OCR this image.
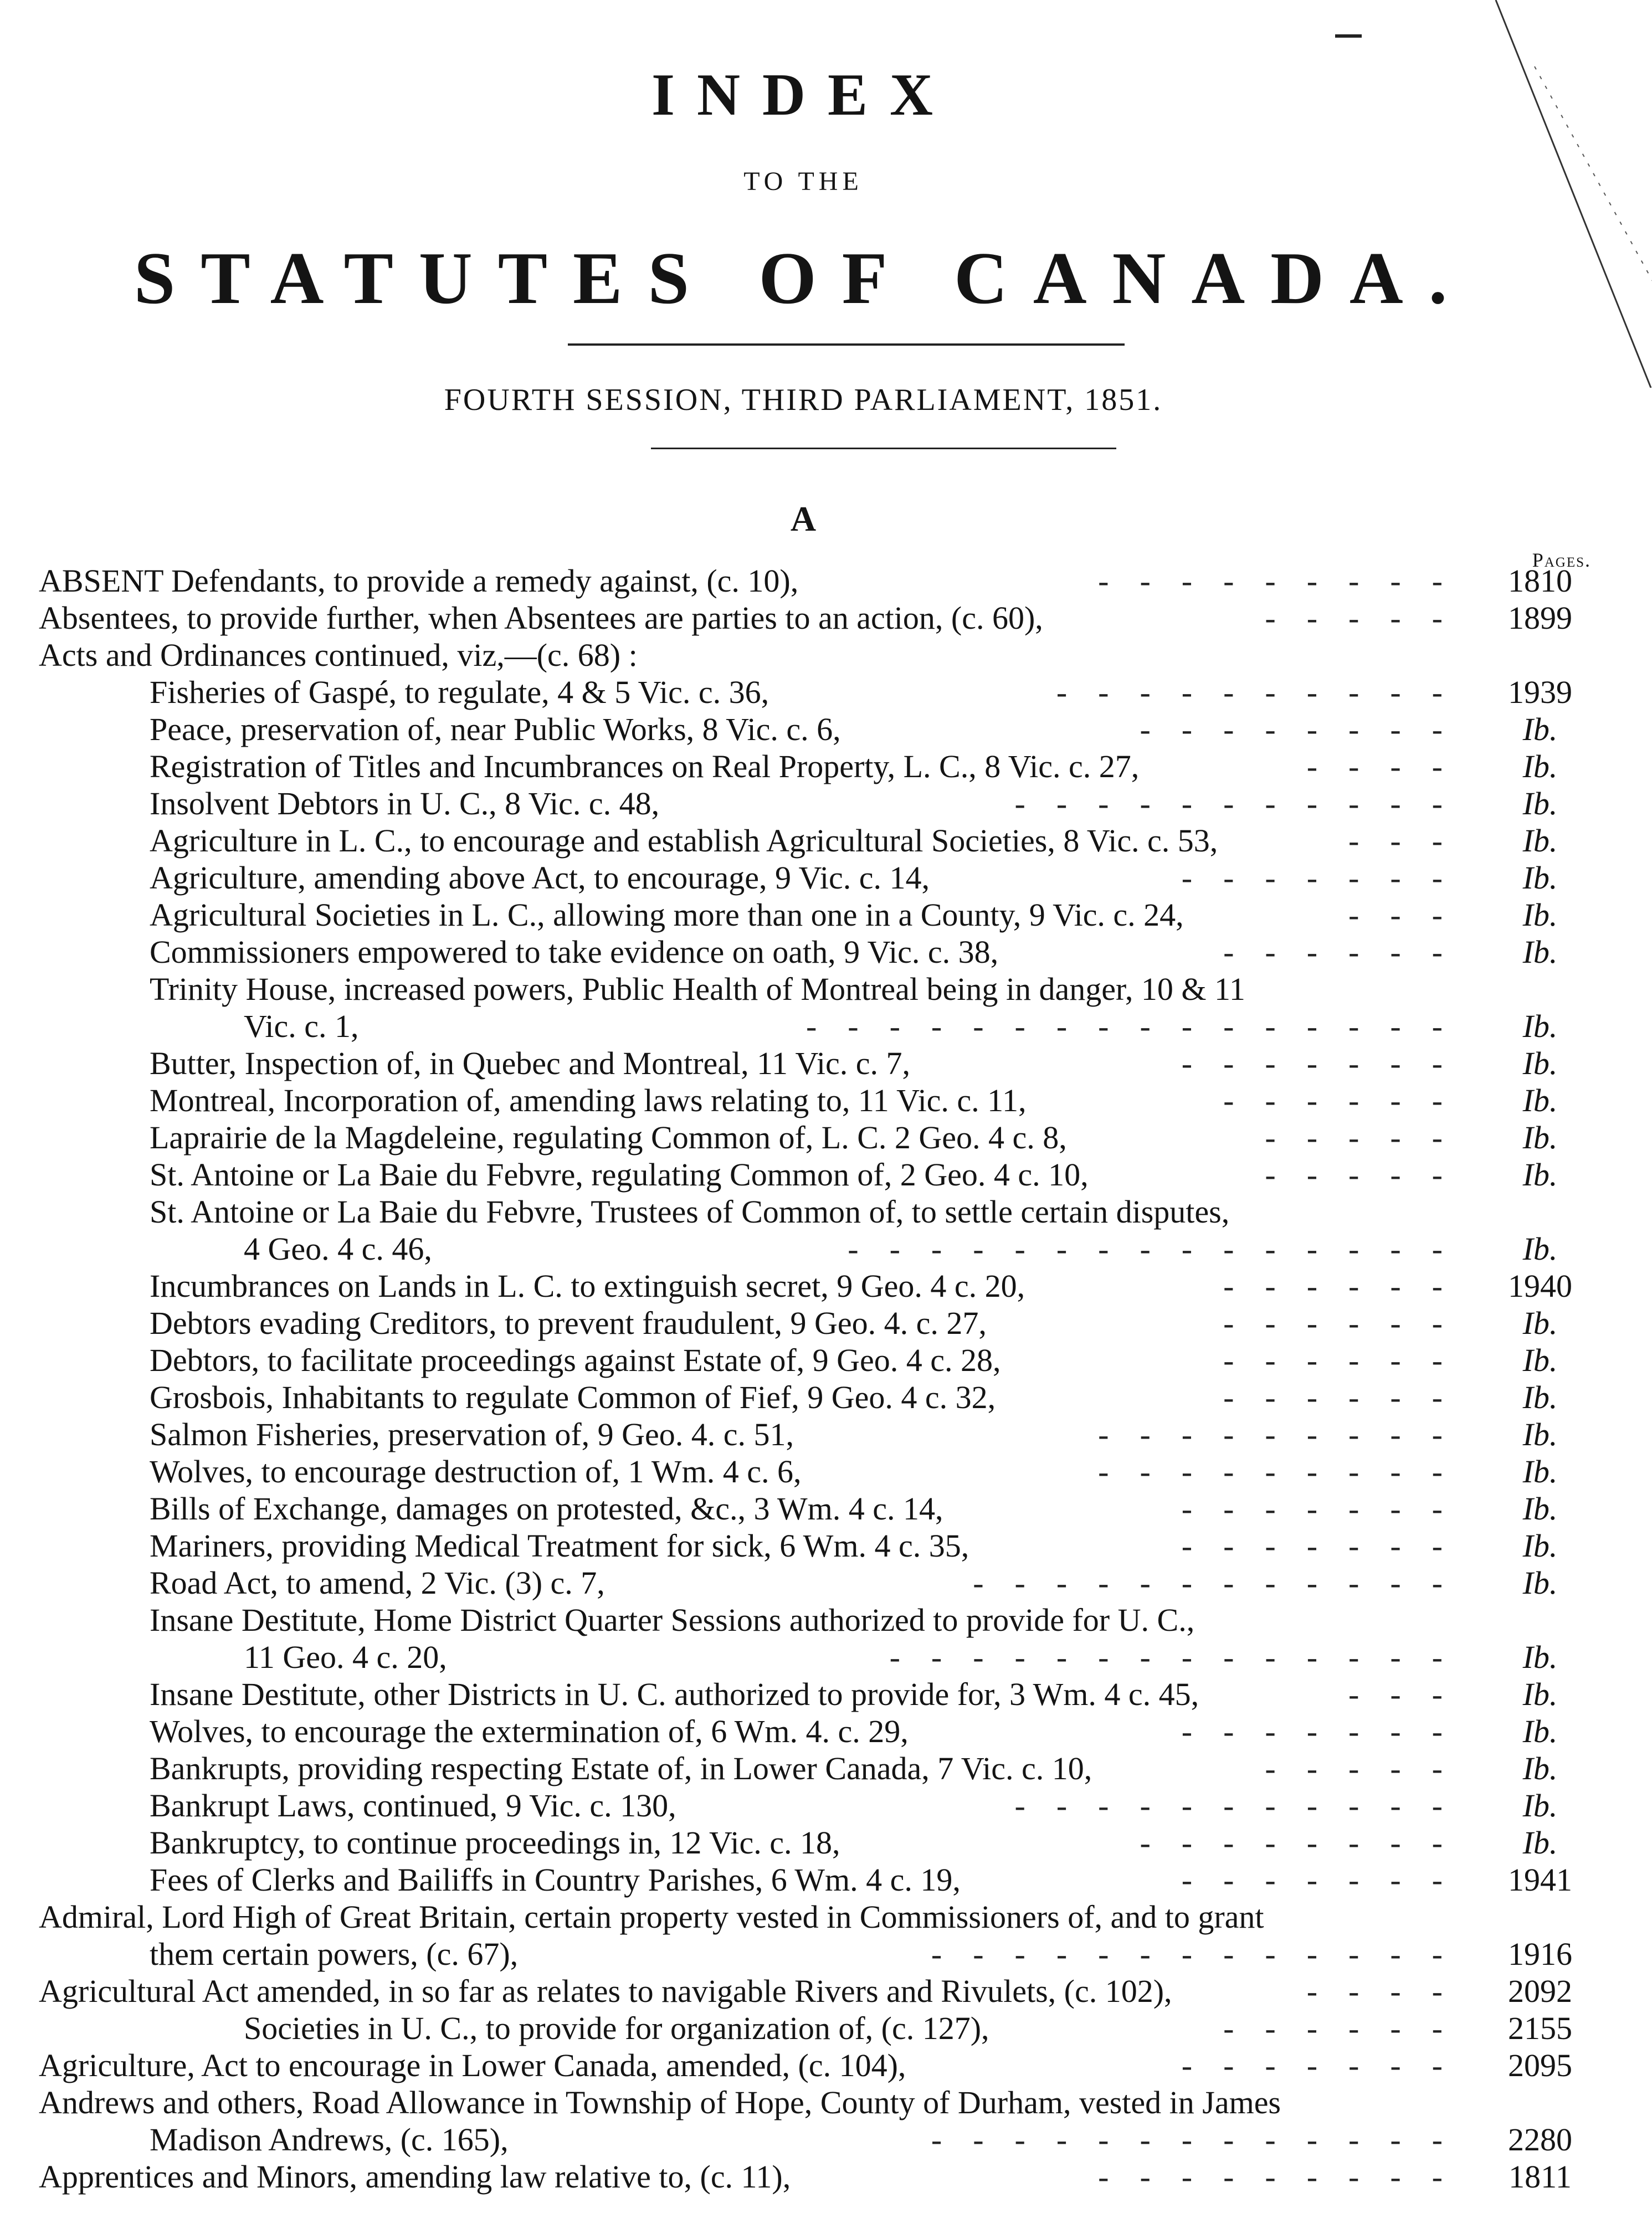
INDEX
TO THE
STATUTES OF CANADA.
FOURTH SESSION, THIRD PARLIAMENT, 1851.
A
Pages.
ABSENT Defendants, to provide a remedy against, (c. 10),	---------	1810
Absentees, to provide further, when Absentees are parties to an action, (c. 60),	-----	1899
Acts and Ordinances continued, viz,—(c. 68) :
Fisheries of Gaspé, to regulate, 4 & 5 Vic. c. 36,	----------	1939
Peace, preservation of, near Public Works, 8 Vic. c. 6,	--------	Ib.
Registration of Titles and Incumbrances on Real Property, L. C., 8 Vic. c. 27,	----	Ib.
Insolvent Debtors in U. C., 8 Vic. c. 48,	-----------	Ib.
Agriculture in L. C., to encourage and establish Agricultural Societies, 8 Vic. c. 53,	---	Ib.
Agriculture, amending above Act, to encourage, 9 Vic. c. 14,	-------	Ib.
Agricultural Societies in L. C., allowing more than one in a County, 9 Vic. c. 24,	---	Ib.
Commissioners empowered to take evidence on oath, 9 Vic. c. 38,	------	Ib.
Trinity House, increased powers, Public Health of Montreal being in danger, 10 & 11
Vic. c. 1,	----------------	Ib.
Butter, Inspection of, in Quebec and Montreal, 11 Vic. c. 7,	-------	Ib.
Montreal, Incorporation of, amending laws relating to, 11 Vic. c. 11,	------	Ib.
Laprairie de la Magdeleine, regulating Common of, L. C. 2 Geo. 4 c. 8,	-----	Ib.
St. Antoine or La Baie du Febvre, regulating Common of, 2 Geo. 4 c. 10,	-----	Ib.
St. Antoine or La Baie du Febvre, Trustees of Common of, to settle certain disputes,
4 Geo. 4 c. 46,	---------------	Ib.
Incumbrances on Lands in L. C. to extinguish secret, 9 Geo. 4 c. 20,	------	1940
Debtors evading Creditors, to prevent fraudulent, 9 Geo. 4. c. 27,	------	Ib.
Debtors, to facilitate proceedings against Estate of, 9 Geo. 4 c. 28,	------	Ib.
Grosbois, Inhabitants to regulate Common of Fief, 9 Geo. 4 c. 32,	------	Ib.
Salmon Fisheries, preservation of, 9 Geo. 4. c. 51,	---------	Ib.
Wolves, to encourage destruction of, 1 Wm. 4 c. 6,	---------	Ib.
Bills of Exchange, damages on protested, &c., 3 Wm. 4 c. 14,	-------	Ib.
Mariners, providing Medical Treatment for sick, 6 Wm. 4 c. 35,	-------	Ib.
Road Act, to amend, 2 Vic. (3) c. 7,	------------	Ib.
Insane Destitute, Home District Quarter Sessions authorized to provide for U. C.,
11 Geo. 4 c. 20,	--------------	Ib.
Insane Destitute, other Districts in U. C. authorized to provide for, 3 Wm. 4 c. 45,	---	Ib.
Wolves, to encourage the extermination of, 6 Wm. 4. c. 29,	-------	Ib.
Bankrupts, providing respecting Estate of, in Lower Canada, 7 Vic. c. 10,	-----	Ib.
Bankrupt Laws, continued, 9 Vic. c. 130,	-----------	Ib.
Bankruptcy, to continue proceedings in, 12 Vic. c. 18,	--------	Ib.
Fees of Clerks and Bailiffs in Country Parishes, 6 Wm. 4 c. 19,	-------	1941
Admiral, Lord High of Great Britain, certain property vested in Commissioners of, and to grant
them certain powers, (c. 67),	-------------	1916
Agricultural Act amended, in so far as relates to navigable Rivers and Rivulets, (c. 102),	----	2092
Societies in U. C., to provide for organization of, (c. 127),	------	2155
Agriculture, Act to encourage in Lower Canada, amended, (c. 104),	-------	2095
Andrews and others, Road Allowance in Township of Hope, County of Durham, vested in James
Madison Andrews, (c. 165),	-------------	2280
Apprentices and Minors, amending law relative to, (c. 11),	---------	1811
